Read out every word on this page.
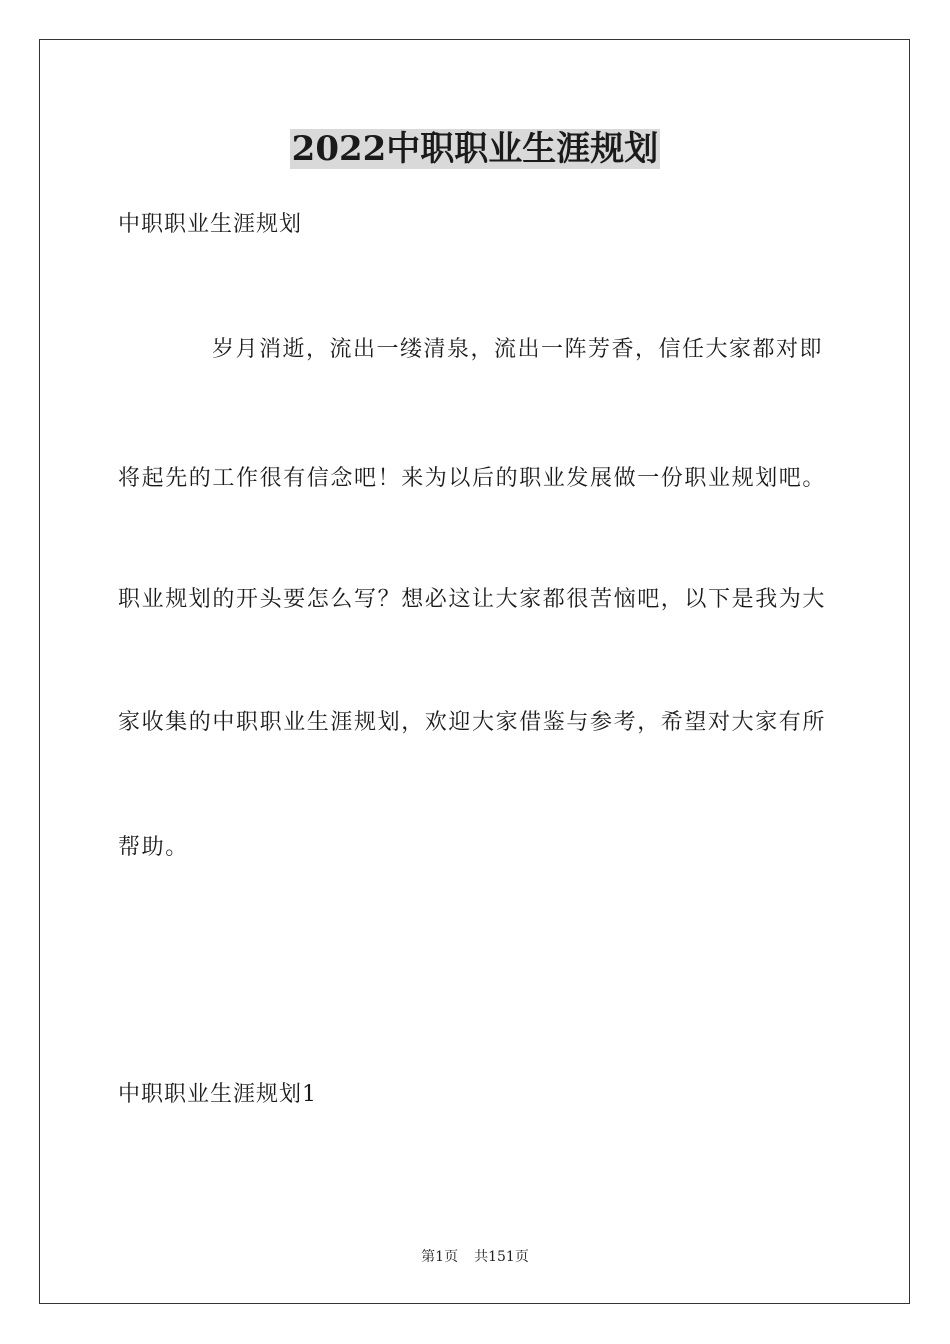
2022中职职业生涯规划
中职职业生涯规划
岁月消逝，流出一缕清泉，流出一阵芳香，信任大家都对即
将起先的工作很有信念吧！来为以后的职业发展做一份职业规划吧。
职业规划的开头要怎么写？想必这让大家都很苦恼吧，以下是我为大
家收集的中职职业生涯规划，欢迎大家借鉴与参考，希望对大家有所
帮助。
中职职业生涯规划1
第1页 共151页
